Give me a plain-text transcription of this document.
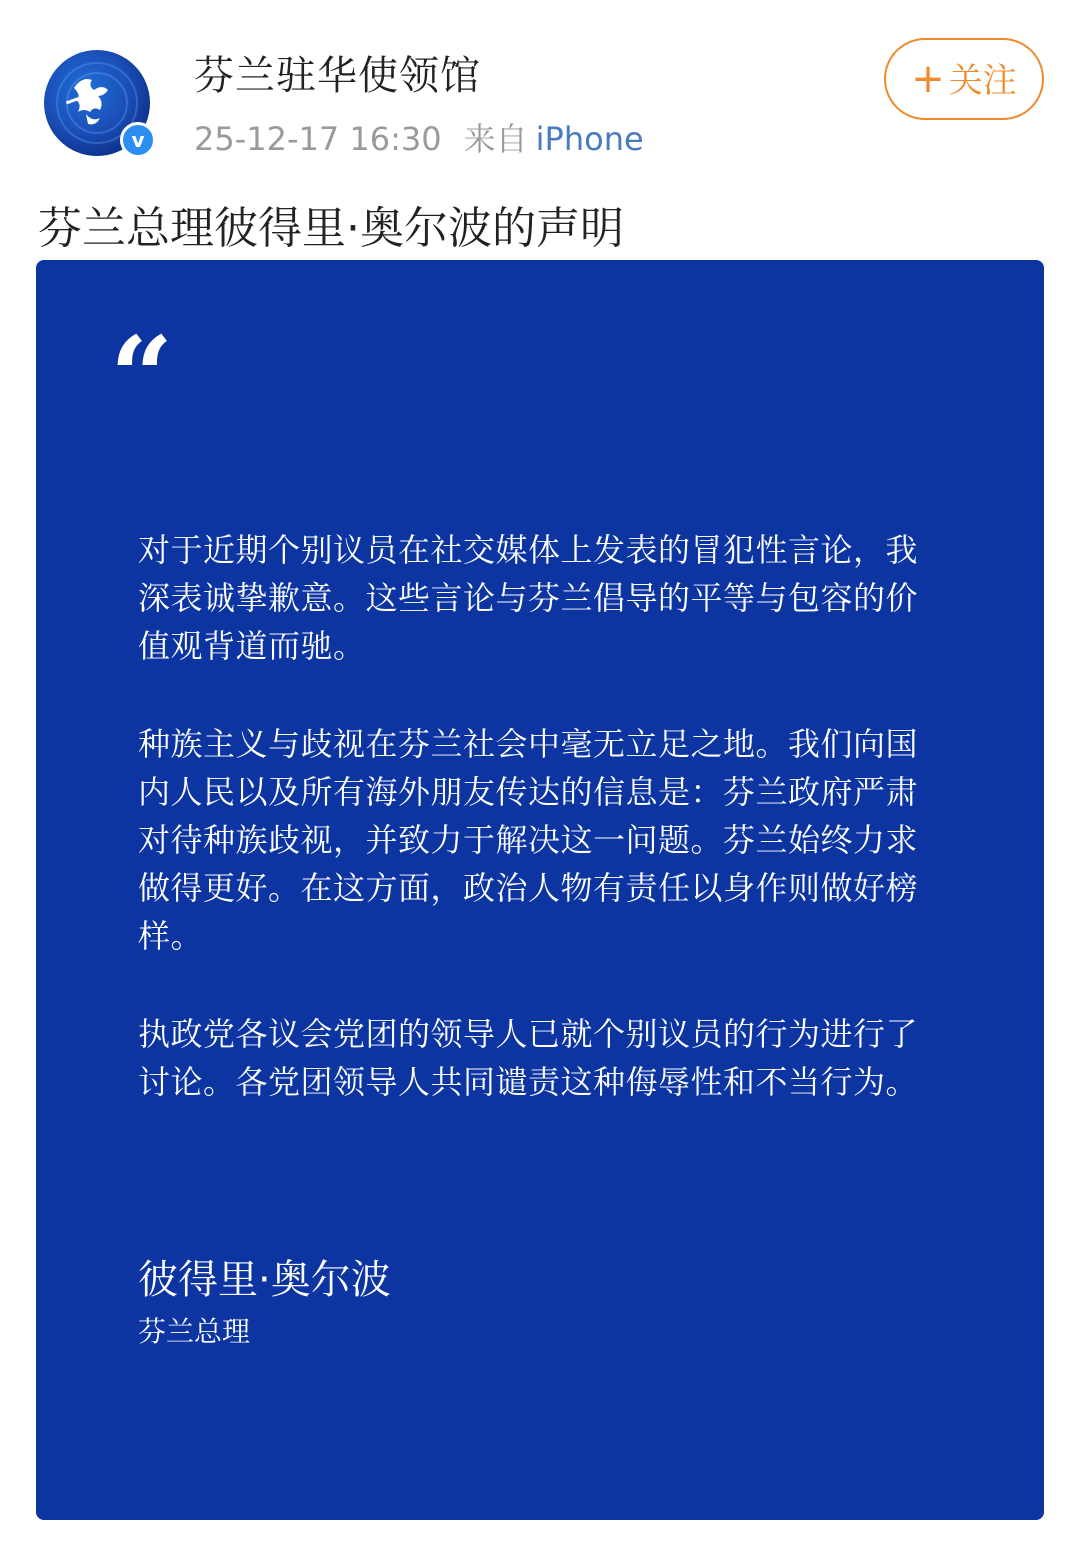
v
芬兰驻华使领馆
25-12-17 16:30 来自 iPhone
+ 关注
芬兰总理彼得里·奥尔波的声明
“
对于近期个别议员在社交媒体上发表的冒犯性言论，我深表诚挚歉意。这些言论与芬兰倡导的平等与包容的价值观背道而驰。
种族主义与歧视在芬兰社会中毫无立足之地。我们向国内人民以及所有海外朋友传达的信息是：芬兰政府严肃对待种族歧视，并致力于解决这一问题。芬兰始终力求做得更好。在这方面，政治人物有责任以身作则做好榜样。
执政党各议会党团的领导人已就个别议员的行为进行了讨论。各党团领导人共同谴责这种侮辱性和不当行为。
彼得里·奥尔波
芬兰总理
